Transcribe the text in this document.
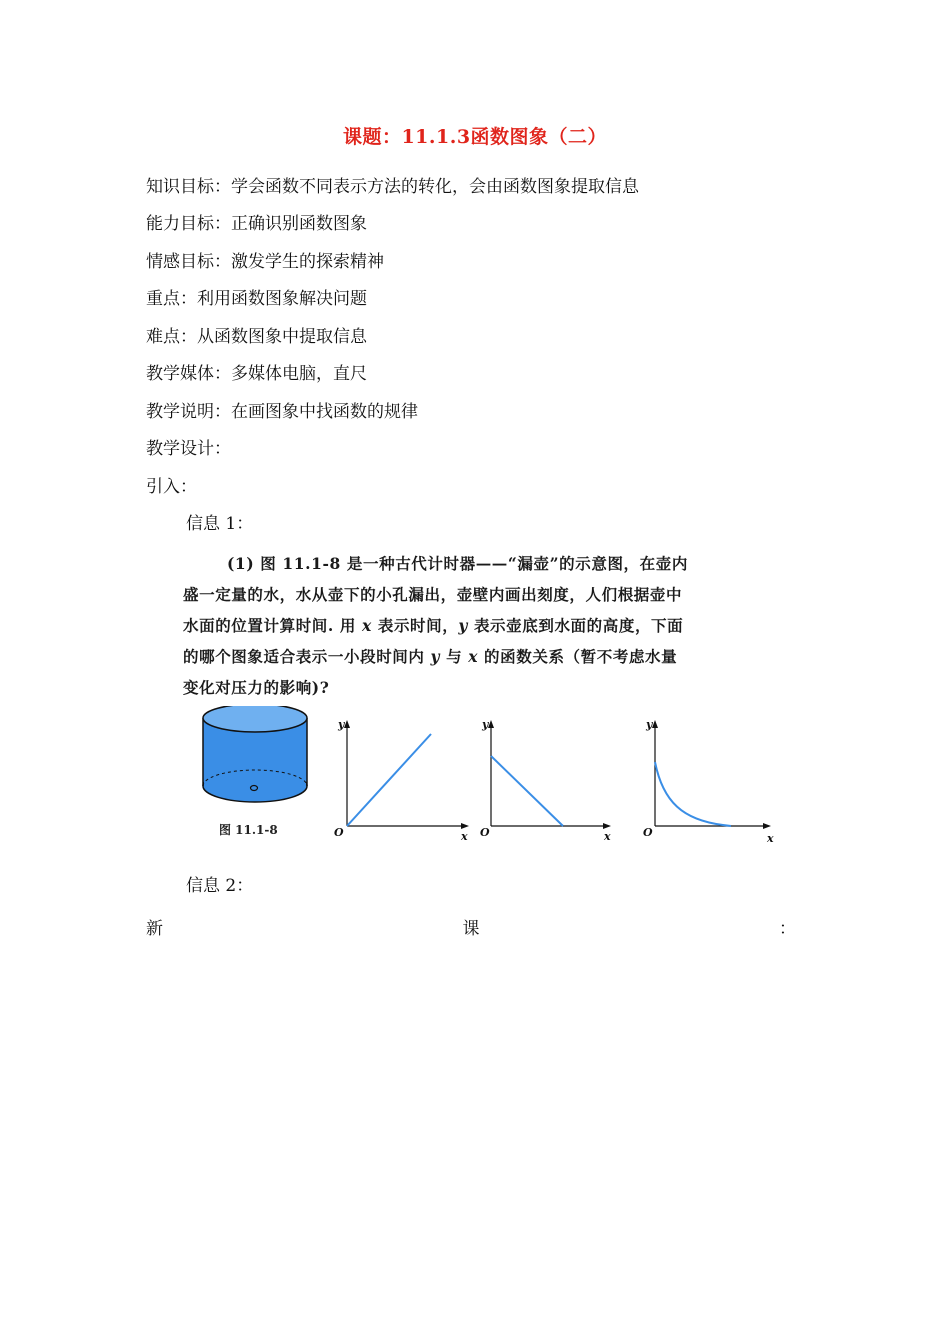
课题：11.1.3函数图象（二）
知识目标：学会函数不同表示方法的转化，会由函数图象提取信息
能力目标：正确识别函数图象
情感目标：激发学生的探索精神
重点：利用函数图象解决问题
难点：从函数图象中提取信息
教学媒体：多媒体电脑，直尺
教学说明：在画图象中找函数的规律
教学设计：
引入：
信息 1：

(1) 图 11.1-8 是一种古代计时器——“漏壶”的示意图，在壶内

盛一定量的水，水从壶下的小孔漏出，壶壁内画出刻度，人们根据壶中

水面的位置计算时间. 用 x 表示时间，y 表示壶底到水面的高度，下面

的哪个图象适合表示一小段时间内 y 与 x 的函数关系（暂不考虑水量

变化对压力的影响)?

图 11.1-8
y
x
O
y
x
O
y
x
O
信息 2：
新	课	：
